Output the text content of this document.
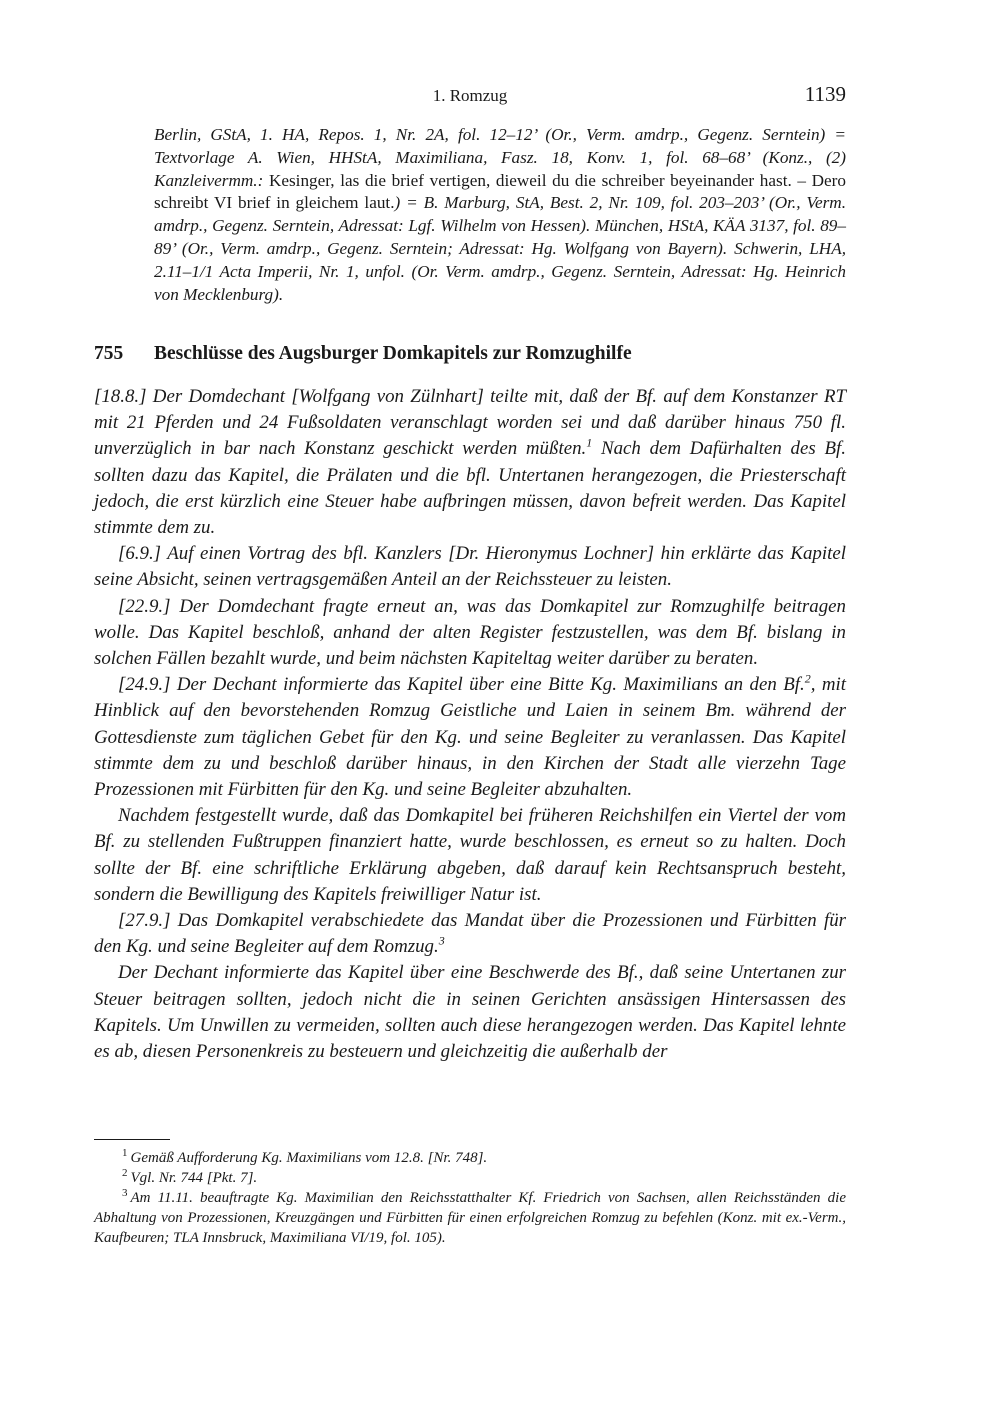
1. Romzug	1139
Berlin, GStA, 1. HA, Repos. 1, Nr. 2A, fol. 12–12’ (Or., Verm. amdrp., Gegenz. Serntein) = Textvorlage A. Wien, HHStA, Maximiliana, Fasz. 18, Konv. 1, fol. 68–68’ (Konz., (2) Kanzleivermm.: Kesinger, las die brief vertigen, dieweil du die schreiber beyeinander hast. – Dero schreibt VI brief in gleichem laut.) = B. Marburg, StA, Best. 2, Nr. 109, fol. 203–203’ (Or., Verm. amdrp., Gegenz. Serntein, Adressat: Lgf. Wilhelm von Hessen). München, HStA, KÄA 3137, fol. 89–89’ (Or., Verm. amdrp., Gegenz. Serntein; Adressat: Hg. Wolfgang von Bayern). Schwerin, LHA, 2.11–1/1 Acta Imperii, Nr. 1, unfol. (Or. Verm. amdrp., Gegenz. Serntein, Adressat: Hg. Heinrich von Mecklenburg).
755 Beschlüsse des Augsburger Domkapitels zur Romzughilfe

[18.8.] Der Domdechant [Wolfgang von Zülnhart] teilte mit, daß der Bf. auf dem Konstanzer RT mit 21 Pferden und 24 Fußsoldaten veranschlagt worden sei und daß darüber hinaus 750 fl. unverzüglich in bar nach Konstanz geschickt werden müßten.$^1$ Nach dem Dafürhalten des Bf. sollten dazu das Kapitel, die Prälaten und die bfl. Untertanen herangezogen, die Priesterschaft jedoch, die erst kürzlich eine Steuer habe aufbringen müssen, davon befreit werden. Das Kapitel stimmte dem zu.

[6.9.] Auf einen Vortrag des bfl. Kanzlers [Dr. Hieronymus Lochner] hin erklärte das Kapitel seine Absicht, seinen vertragsgemäßen Anteil an der Reichssteuer zu leisten.

[22.9.] Der Domdechant fragte erneut an, was das Domkapitel zur Romzughilfe beitragen wolle. Das Kapitel beschloß, anhand der alten Register festzustellen, was dem Bf. bislang in solchen Fällen bezahlt wurde, und beim nächsten Kapiteltag weiter darüber zu beraten.

[24.9.] Der Dechant informierte das Kapitel über eine Bitte Kg. Maximilians an den Bf.$^2$, mit Hinblick auf den bevorstehenden Romzug Geistliche und Laien in seinem Bm. während der Gottesdienste zum täglichen Gebet für den Kg. und seine Begleiter zu veranlassen. Das Kapitel stimmte dem zu und beschloß darüber hinaus, in den Kirchen der Stadt alle vierzehn Tage Prozessionen mit Fürbitten für den Kg. und seine Begleiter abzuhalten.

Nachdem festgestellt wurde, daß das Domkapitel bei früheren Reichshilfen ein Viertel der vom Bf. zu stellenden Fußtruppen finanziert hatte, wurde beschlossen, es erneut so zu halten. Doch sollte der Bf. eine schriftliche Erklärung abgeben, daß darauf kein Rechtsanspruch besteht, sondern die Bewilligung des Kapitels freiwilliger Natur ist.

[27.9.] Das Domkapitel verabschiedete das Mandat über die Prozessionen und Fürbitten für den Kg. und seine Begleiter auf dem Romzug.$^3$

Der Dechant informierte das Kapitel über eine Beschwerde des Bf., daß seine Untertanen zur Steuer beitragen sollten, jedoch nicht die in seinen Gerichten ansässigen Hintersassen des Kapitels. Um Unwillen zu vermeiden, sollten auch diese herangezogen werden. Das Kapitel lehnte es ab, diesen Personenkreis zu besteuern und gleichzeitig die außerhalb der

$^1$ Gemäß Aufforderung Kg. Maximilians vom 12.8. [Nr. 748].

$^2$ Vgl. Nr. 744 [Pkt. 7].

$^3$ Am 11.11. beauftragte Kg. Maximilian den Reichsstatthalter Kf. Friedrich von Sachsen, allen Reichsständen die Abhaltung von Prozessionen, Kreuzgängen und Fürbitten für einen erfolgreichen Romzug zu befehlen (Konz. mit ex.-Verm., Kaufbeuren; TLA Innsbruck, Maximiliana VI/19, fol. 105).
